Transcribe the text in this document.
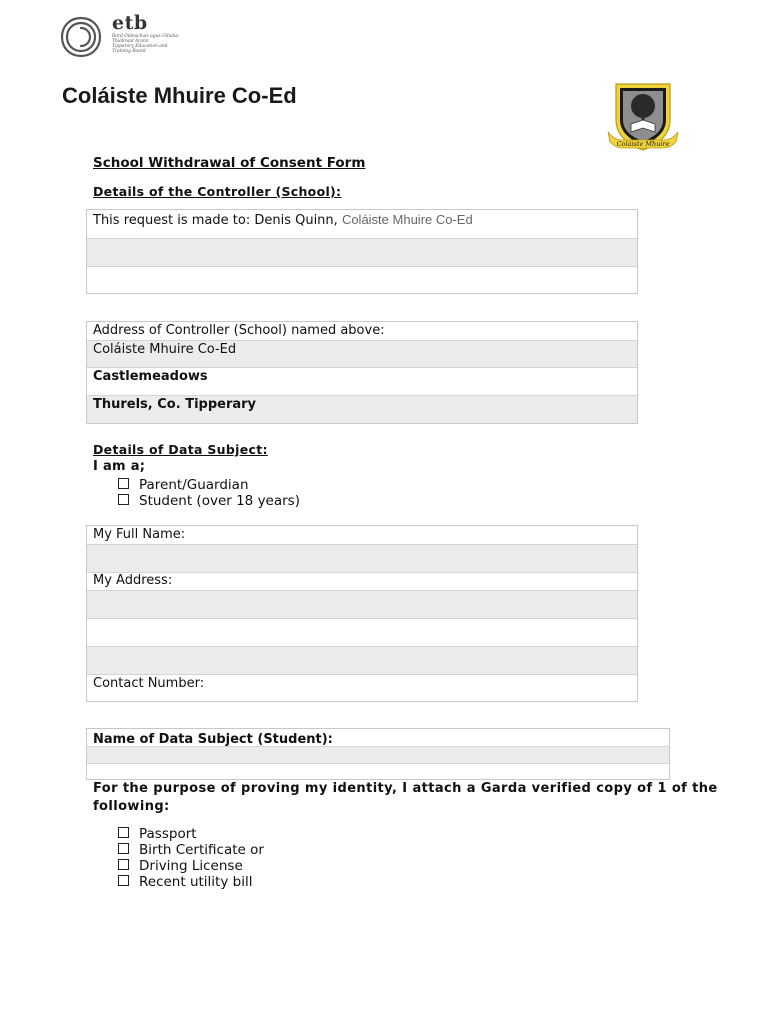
etb
Bord Oideachais agus Oiliúna Thiobraid Árann
Tipperary Education and Training Board
Coláiste Mhuire Co-Ed
Coláiste Mhuire
School Withdrawal of Consent Form
Details of the Controller (School):
This request is made to: Denis Quinn, Coláiste Mhuire Co-Ed
Address of Controller (School) named above:
Coláiste Mhuire Co-Ed
Castlemeadows
Thurels, Co. Tipperary
Details of Data Subject:
I am a;
Parent/Guardian
Student (over 18 years)
My Full Name:
My Address:
Contact Number:
Name of Data Subject (Student):
For the purpose of proving my identity, I attach a Garda verified copy of 1 of the following:
Passport
Birth Certificate or
Driving License
Recent utility bill
